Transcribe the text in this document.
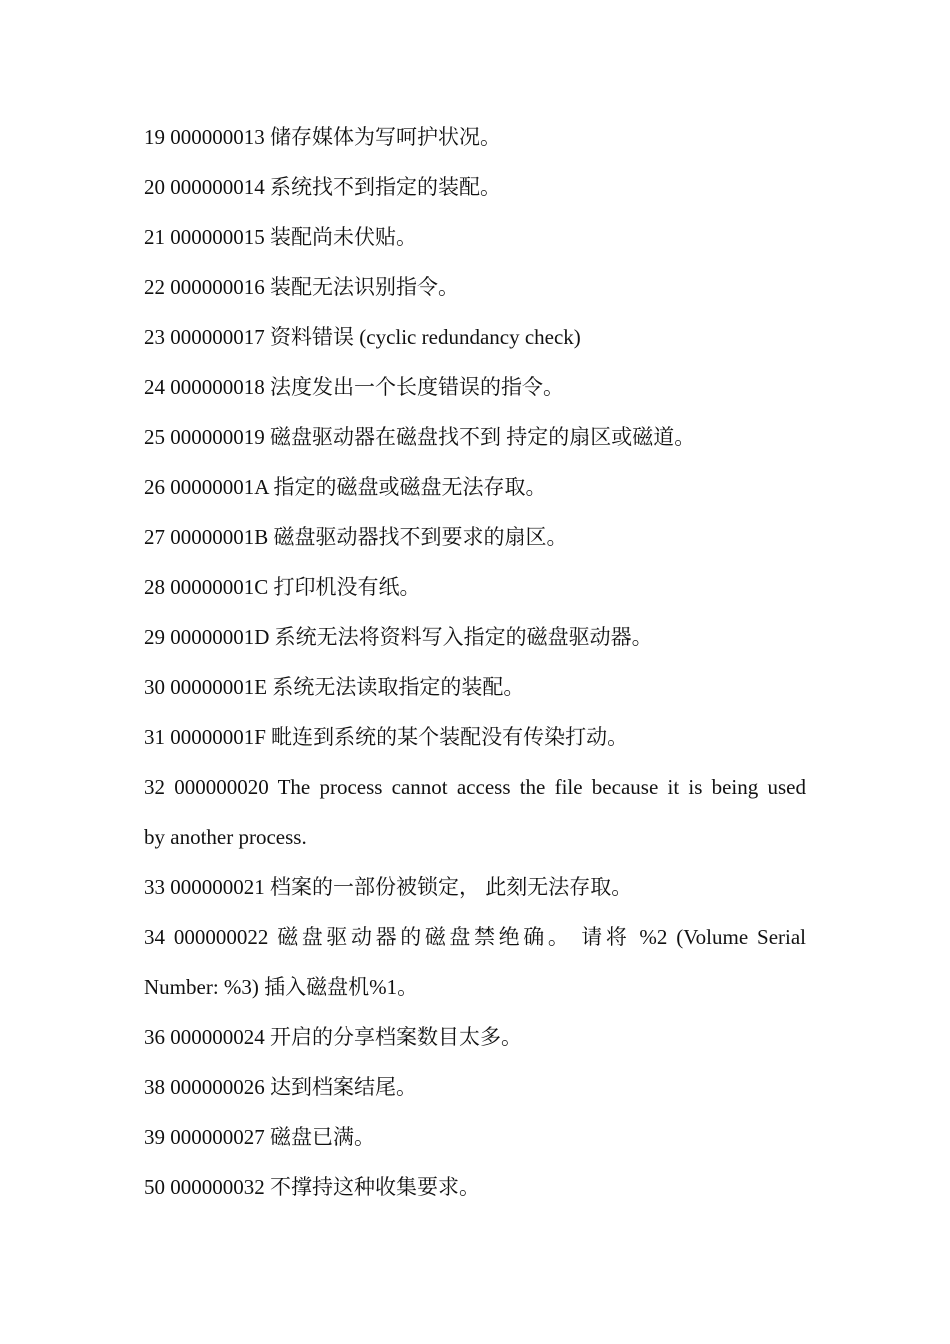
19 000000013 储存媒体为写呵护状况。
20 000000014 系统找不到指定的装配。
21 000000015 装配尚未伏贴。
22 000000016 装配无法识别指令。
23 000000017 资料错误 (cyclic redundancy check)
24 000000018 法度发出一个长度错误的指令。
25 000000019 磁盘驱动器在磁盘找不到 持定的扇区或磁道。
26 00000001A 指定的磁盘或磁盘无法存取。
27 00000001B 磁盘驱动器找不到要求的扇区。
28 00000001C 打印机没有纸。
29 00000001D 系统无法将资料写入指定的磁盘驱动器。
30 00000001E 系统无法读取指定的装配。
31 00000001F 毗连到系统的某个装配没有传染打动。
32 000000020 The process cannot access the file because it is being used
by another process.
33 000000021 档案的一部份被锁定， 此刻无法存取。
34 000000022 磁盘驱动器的磁盘禁绝确。 请将 %2 (Volume Serial
Number: %3) 插入磁盘机%1。
36 000000024 开启的分享档案数目太多。
38 000000026 达到档案结尾。
39 000000027 磁盘已满。
50 000000032 不撑持这种收集要求。
